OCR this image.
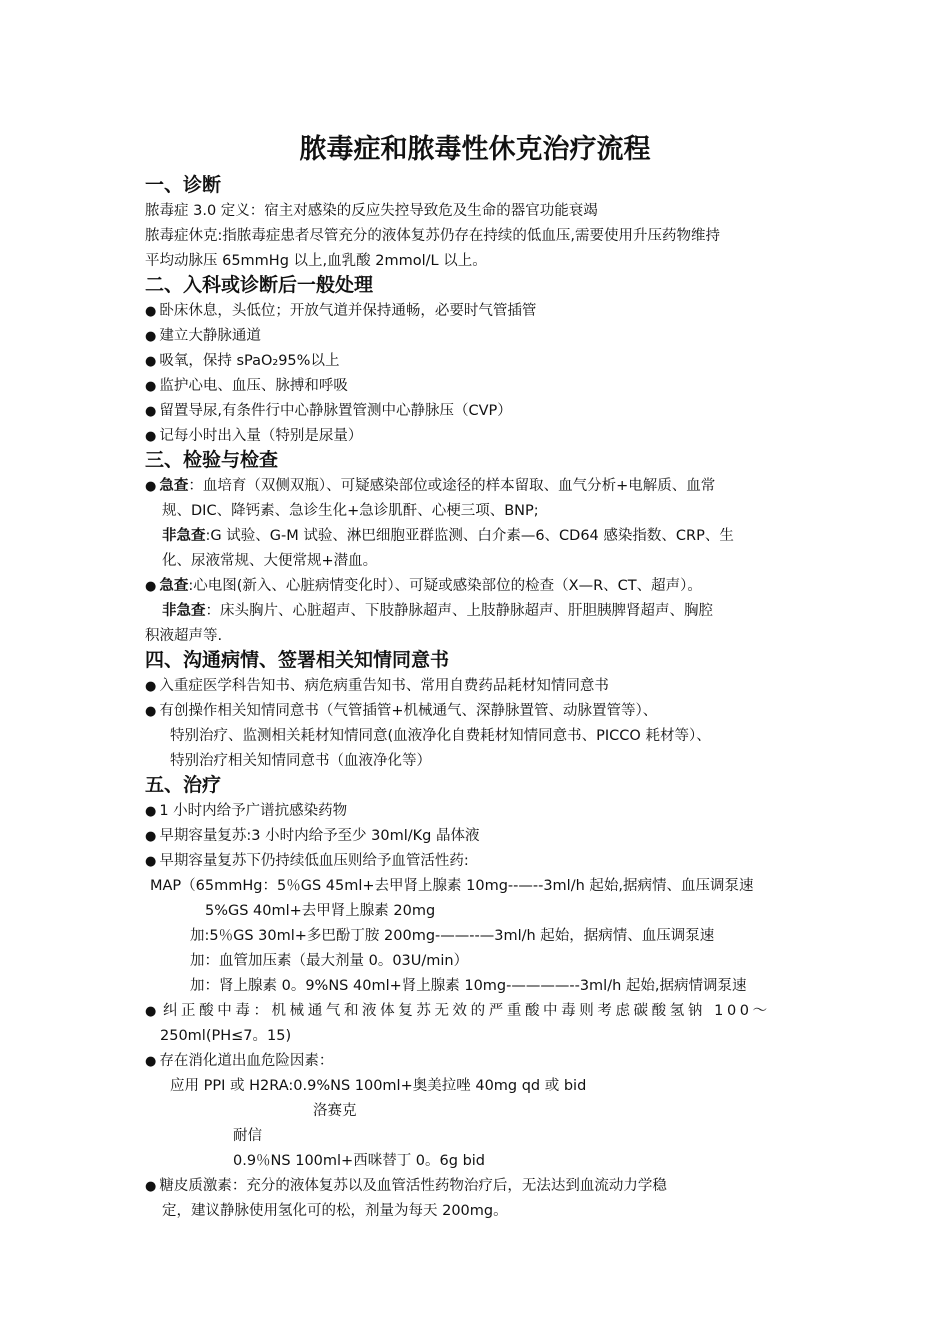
脓毒症和脓毒性休克治疗流程
一、诊断
脓毒症 3.0 定义：宿主对感染的反应失控导致危及生命的器官功能衰竭
脓毒症休克:指脓毒症患者尽管充分的液体复苏仍存在持续的低血压,需要使用升压药物维持
平均动脉压 65mmHg 以上,血乳酸 2mmol/L 以上。
二、入科或诊断后一般处理
● 卧床休息，头低位；开放气道并保持通畅，必要时气管插管
● 建立大静脉通道
● 吸氧，保持 sPaO₂95%以上
● 监护心电、血压、脉搏和呼吸
● 留置导尿,有条件行中心静脉置管测中心静脉压（CVP）
● 记每小时出入量（特别是尿量）
三、检验与检查
● 急查：血培育（双侧双瓶）、可疑感染部位或途径的样本留取、血气分析+电解质、血常
规、DIC、降钙素、急诊生化+急诊肌酐、心梗三项、BNP;
非急查:G 试验、G-M 试验、淋巴细胞亚群监测、白介素—6、CD64 感染指数、CRP、生
化、尿液常规、大便常规+潜血。
● 急查:心电图(新入、心脏病情变化时）、可疑或感染部位的检查（X—R、CT、超声）。
非急查：床头胸片、心脏超声、下肢静脉超声、上肢静脉超声、肝胆胰脾肾超声、胸腔
积液超声等.
四、沟通病情、签署相关知情同意书
● 入重症医学科告知书、病危病重告知书、常用自费药品耗材知情同意书
● 有创操作相关知情同意书（气管插管+机械通气、深静脉置管、动脉置管等）、
特别治疗、监测相关耗材知情同意(血液净化自费耗材知情同意书、PICCO 耗材等）、
特别治疗相关知情同意书（血液净化等）
五、治疗
● 1 小时内给予广谱抗感染药物
● 早期容量复苏:3 小时内给予至少 30ml/Kg 晶体液
● 早期容量复苏下仍持续低血压则给予血管活性药:
MAP（65mmHg：5％GS 45ml+去甲肾上腺素 10mg--—--3ml/h 起始,据病情、血压调泵速
5%GS 40ml+去甲肾上腺素 20mg
加:5％GS 30ml+多巴酚丁胺 200mg-——--—3ml/h 起始，据病情、血压调泵速
加：血管加压素（最大剂量 0。03U/min）
加：肾上腺素 0。9%NS 40ml+肾上腺素 10mg-————--3ml/h 起始,据病情调泵速
● 纠正酸中毒：机械通气和液体复苏无效的严重酸中毒则考虑碳酸氢钠 100～
250ml(PH≤7。15)
● 存在消化道出血危险因素：
应用 PPI 或 H2RA:0.9%NS 100ml+奥美拉唑 40mg qd 或 bid
洛赛克
耐信
0.9％NS 100ml+西咪替丁 0。6g bid
● 糖皮质激素：充分的液体复苏以及血管活性药物治疗后，无法达到血流动力学稳
定，建议静脉使用氢化可的松，剂量为每天 200mg。
